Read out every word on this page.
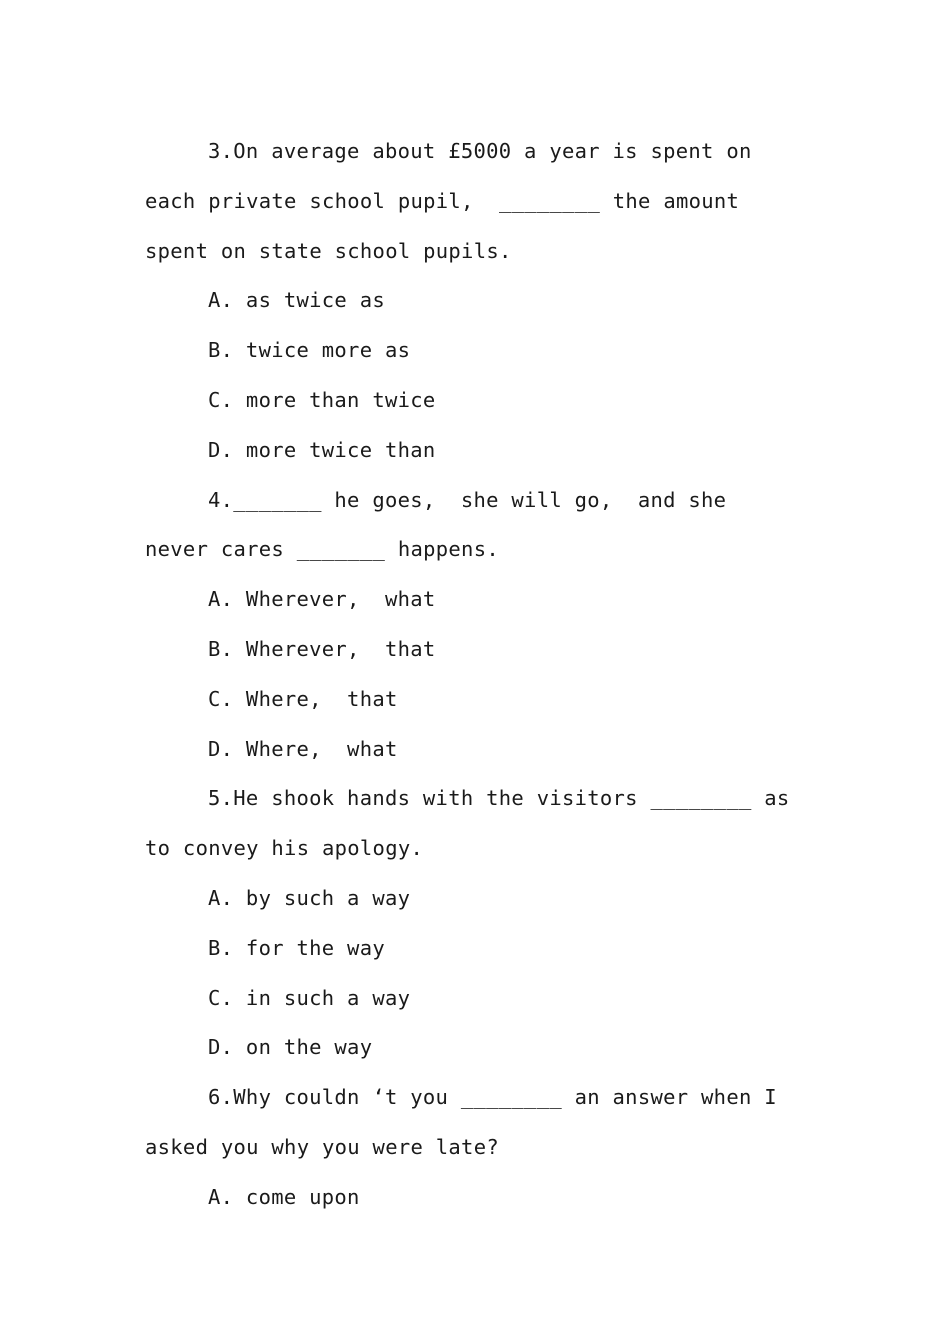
3.On average about £5000 a year is spent on
each private school pupil,  ________ the amount
spent on state school pupils.
A. as twice as
B. twice more as
C. more than twice
D. more twice than
4._______ he goes,  she will go,  and she
never cares _______ happens.
A. Wherever,  what
B. Wherever,  that
C. Where,  that
D. Where,  what
5.He shook hands with the visitors ________ as
to convey his apology.
A. by such a way
B. for the way
C. in such a way
D. on the way
6.Why couldn ‘t you ________ an answer when I
asked you why you were late?
A. come upon
